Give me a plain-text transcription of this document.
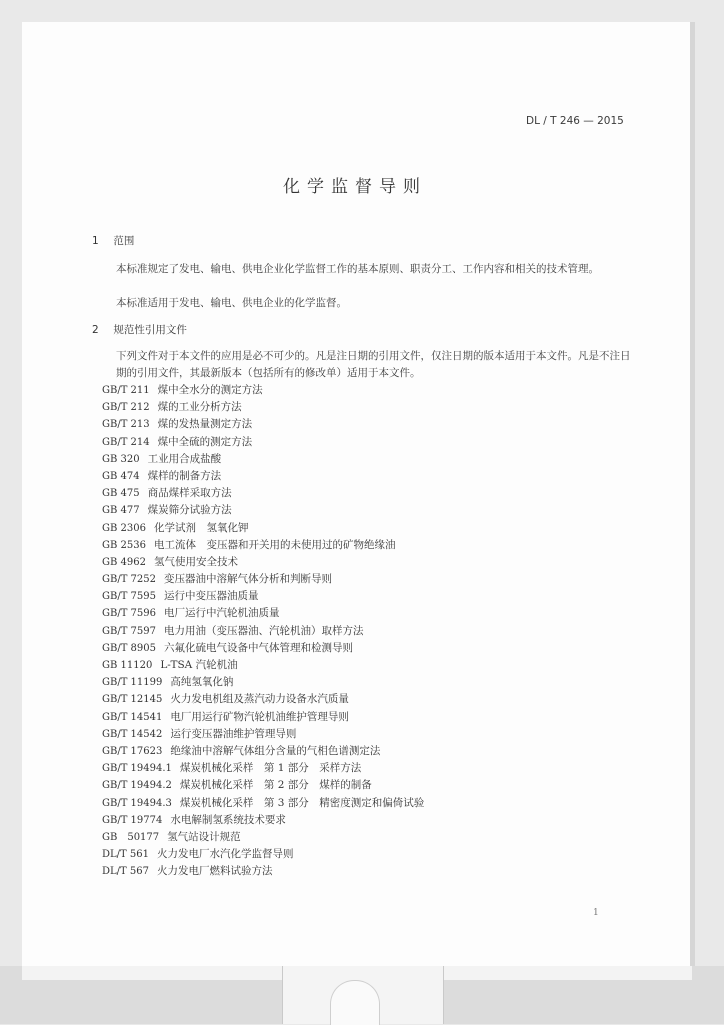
DL / T 246 — 2015
化学监督导则
1 范围
本标准规定了发电、输电、供电企业化学监督工作的基本原则、职责分工、工作内容和相关的技术管理。
本标准适用于发电、输电、供电企业的化学监督。
2 规范性引用文件
下列文件对于本文件的应用是必不可少的。凡是注日期的引用文件，仅注日期的版本适用于本文件。凡是不注日期的引用文件，其最新版本（包括所有的修改单）适用于本文件。
GB/T 211 煤中全水分的测定方法
GB/T 212 煤的工业分析方法
GB/T 213 煤的发热量测定方法
GB/T 214 煤中全硫的测定方法
GB 320 工业用合成盐酸
GB 474 煤样的制备方法
GB 475 商品煤样采取方法
GB 477 煤炭筛分试验方法
GB 2306 化学试剂　氢氧化钾
GB 2536 电工流体　变压器和开关用的未使用过的矿物绝缘油
GB 4962 氢气使用安全技术
GB/T 7252 变压器油中溶解气体分析和判断导则
GB/T 7595 运行中变压器油质量
GB/T 7596 电厂运行中汽轮机油质量
GB/T 7597 电力用油（变压器油、汽轮机油）取样方法
GB/T 8905 六氟化硫电气设备中气体管理和检测导则
GB 11120 L-TSA 汽轮机油
GB/T 11199 高纯氢氧化钠
GB/T 12145 火力发电机组及蒸汽动力设备水汽质量
GB/T 14541 电厂用运行矿物汽轮机油维护管理导则
GB/T 14542 运行变压器油维护管理导则
GB/T 17623 绝缘油中溶解气体组分含量的气相色谱测定法
GB/T 19494.1 煤炭机械化采样　第 1 部分　采样方法
GB/T 19494.2 煤炭机械化采样　第 2 部分　煤样的制备
GB/T 19494.3 煤炭机械化采样　第 3 部分　精密度测定和偏倚试验
GB/T 19774 水电解制氢系统技术要求
GB　50177 氢气站设计规范
DL/T 561 火力发电厂水汽化学监督导则
DL/T 567 火力发电厂燃料试验方法
1
